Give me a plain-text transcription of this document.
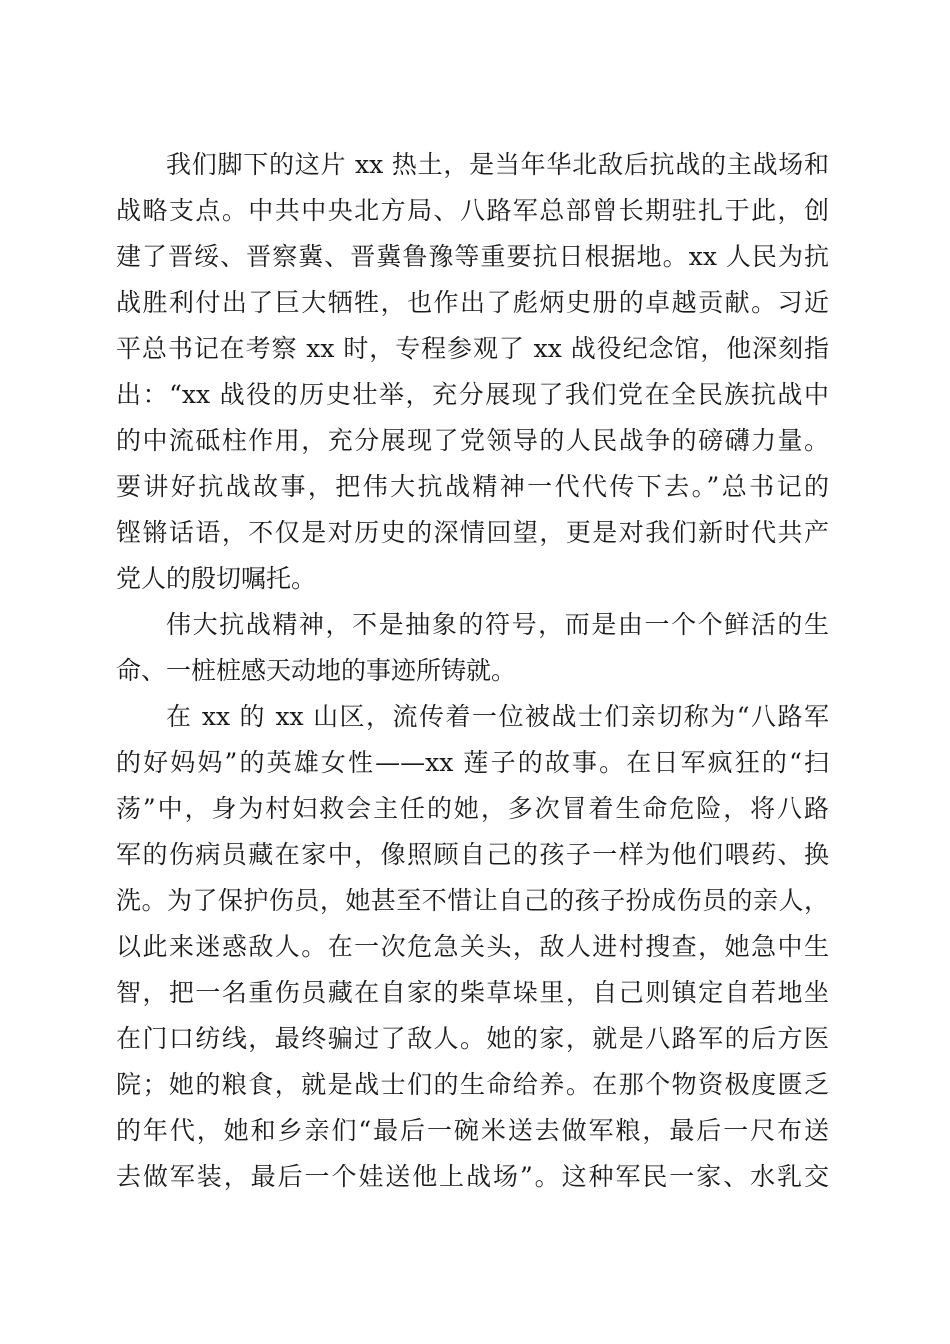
我们脚下的这片 xx 热土，是当年华北敌后抗战的主战场和
战略支点。中共中央北方局、八路军总部曾长期驻扎于此，创
建了晋绥、晋察冀、晋冀鲁豫等重要抗日根据地。xx 人民为抗
战胜利付出了巨大牺牲，也作出了彪炳史册的卓越贡献。习近
平总书记在考察 xx 时，专程参观了 xx 战役纪念馆，他深刻指
出：“xx 战役的历史壮举，充分展现了我们党在全民族抗战中
的中流砥柱作用，充分展现了党领导的人民战争的磅礴力量。
要讲好抗战故事，把伟大抗战精神一代代传下去。”总书记的
铿锵话语，不仅是对历史的深情回望，更是对我们新时代共产
党人的殷切嘱托。
伟大抗战精神，不是抽象的符号，而是由一个个鲜活的生
命、一桩桩感天动地的事迹所铸就。
在 xx 的 xx 山区，流传着一位被战士们亲切称为“八路军
的好妈妈”的英雄女性——xx 莲子的故事。在日军疯狂的“扫
荡”中，身为村妇救会主任的她，多次冒着生命危险，将八路
军的伤病员藏在家中，像照顾自己的孩子一样为他们喂药、换
洗。为了保护伤员，她甚至不惜让自己的孩子扮成伤员的亲人，
以此来迷惑敌人。在一次危急关头，敌人进村搜查，她急中生
智，把一名重伤员藏在自家的柴草垛里，自己则镇定自若地坐
在门口纺线，最终骗过了敌人。她的家，就是八路军的后方医
院；她的粮食，就是战士们的生命给养。在那个物资极度匮乏
的年代，她和乡亲们“最后一碗米送去做军粮，最后一尺布送
去做军装，最后一个娃送他上战场”。这种军民一家、水乳交
